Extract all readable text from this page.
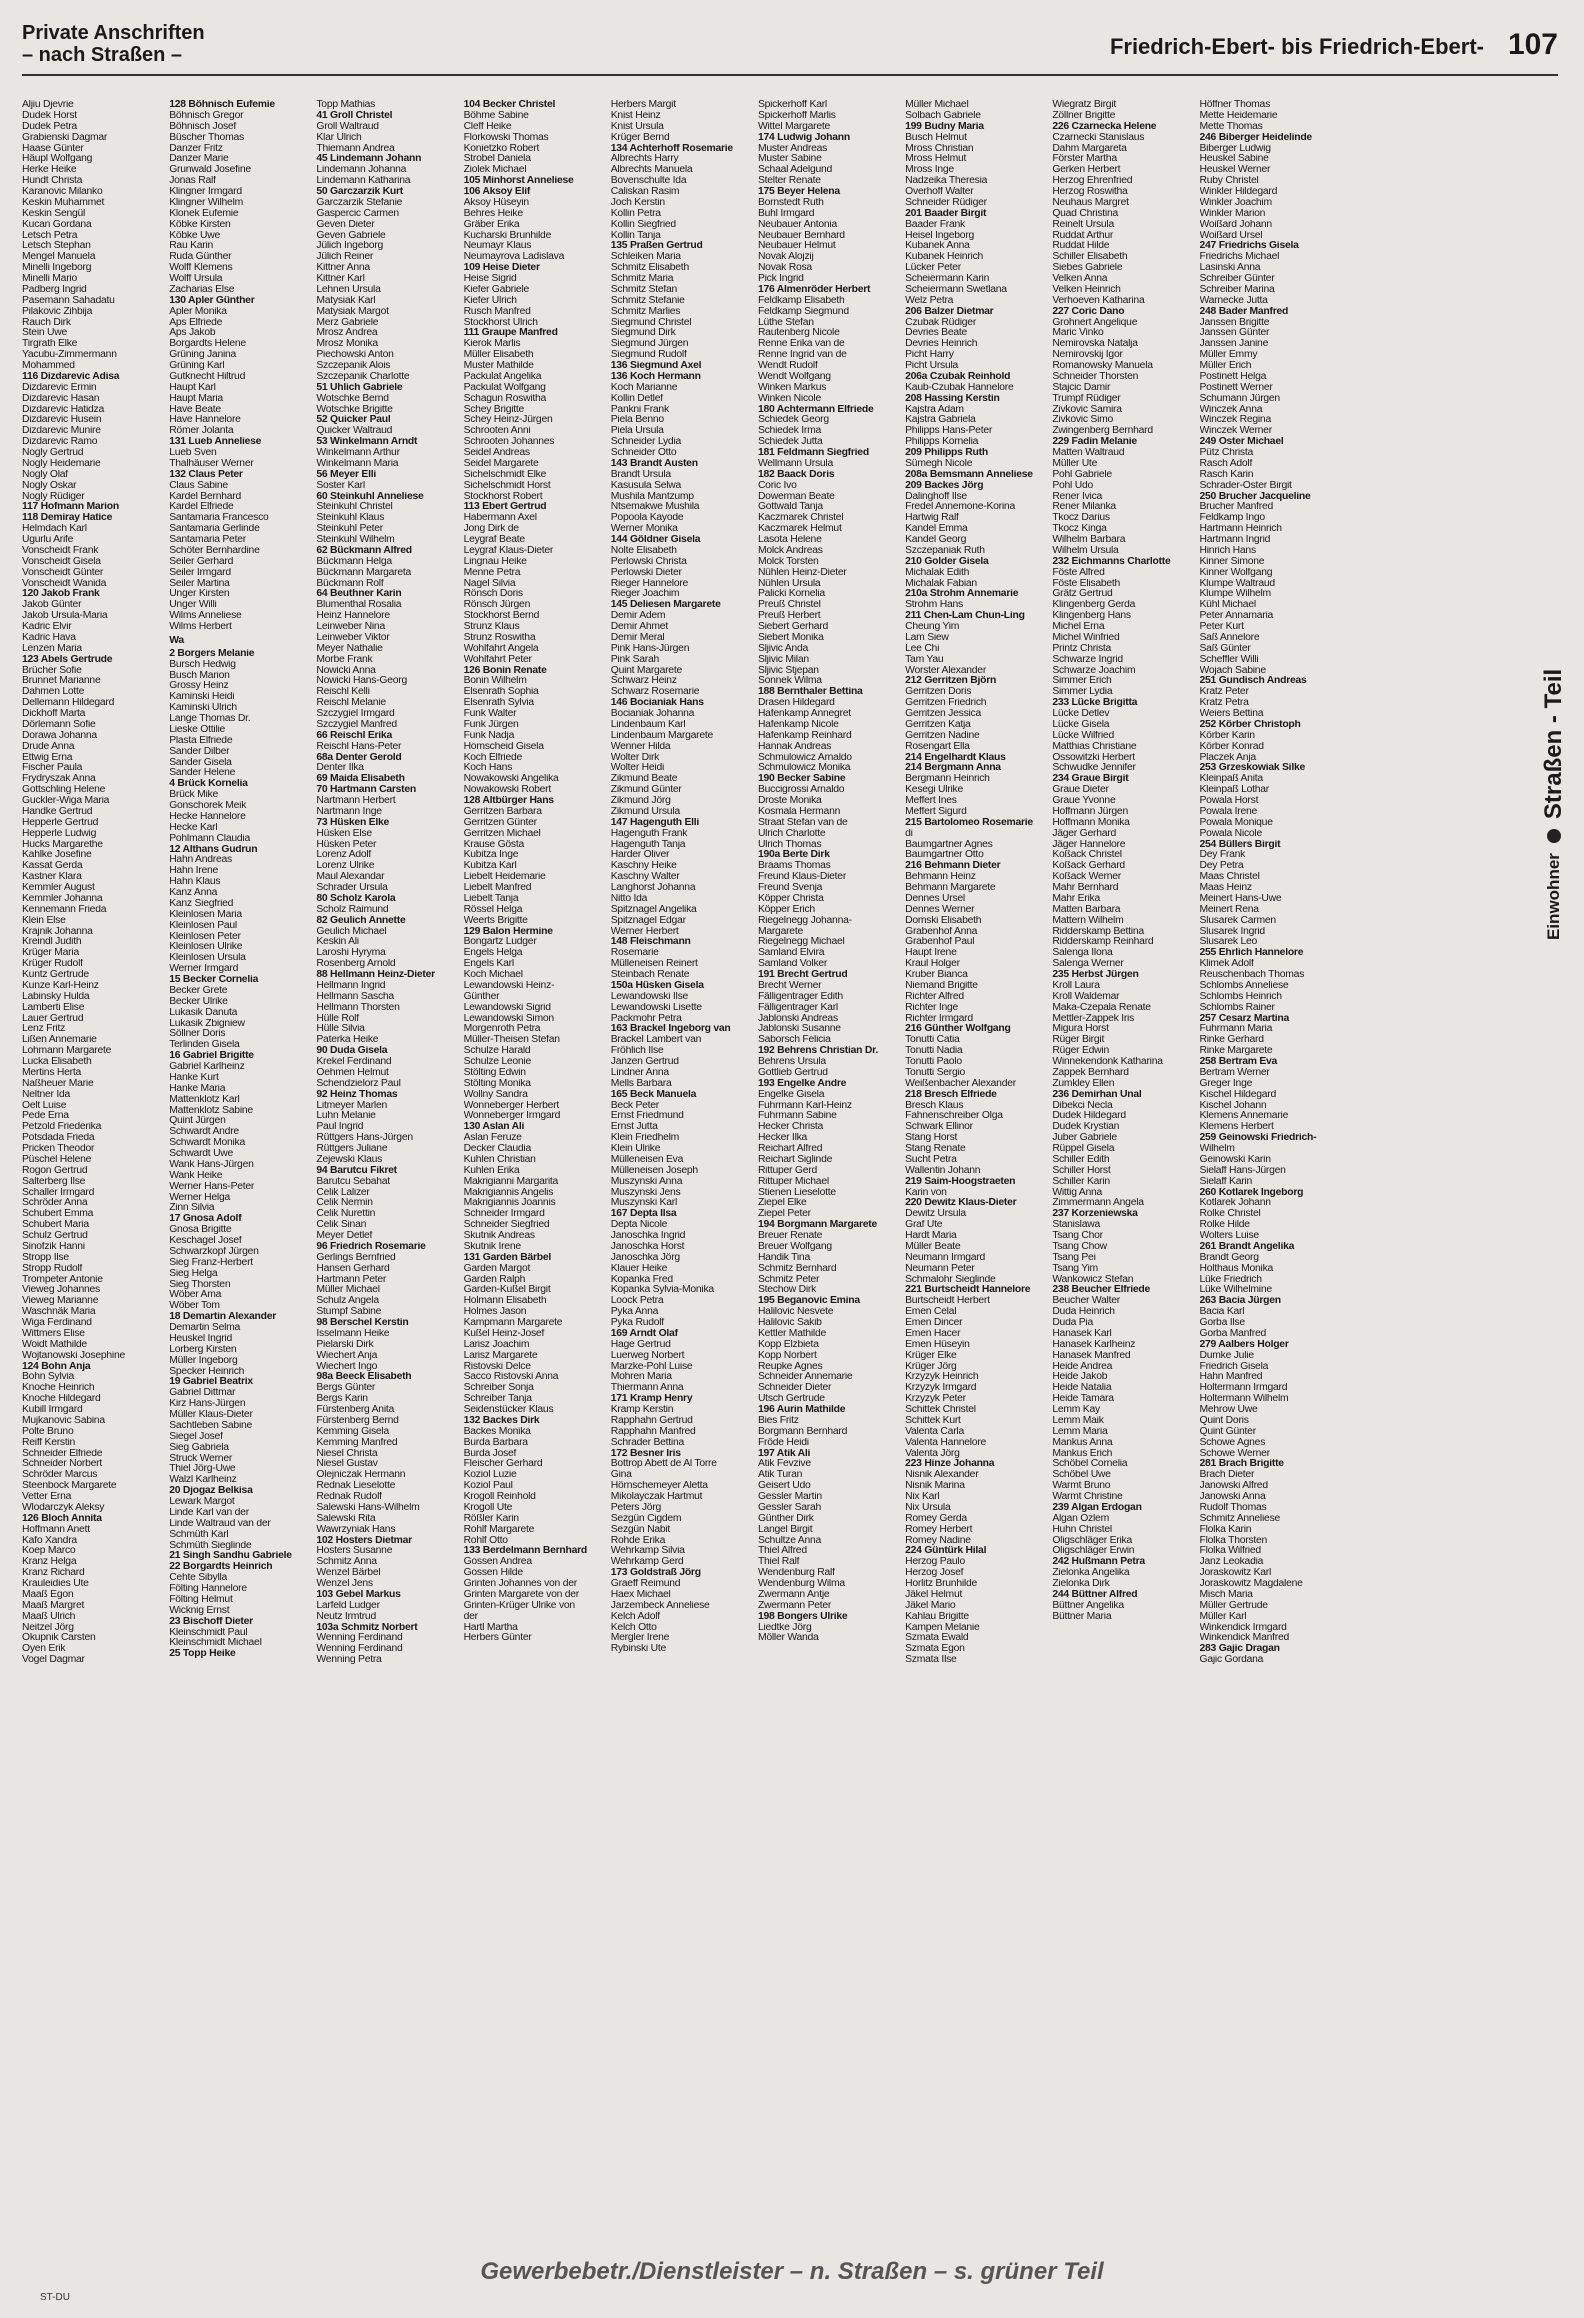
Private Anschriften
– nach Straßen –	Friedrich-Ebert- bis Friedrich-Ebert- 107
Aljiu Djevrie
Dudek Horst
Dudek Petra
Grabienski Dagmar
Haase Günter
Häupl Wolfgang
Herke Heike
Hundt Christa
Karanovic Milanko
Keskin Muhammet
Keskin Sengül
Kucan Gordana
Letsch Petra
Letsch Stephan
Mengel Manuela
Minelli Ingeborg
Minelli Mario
Padberg Ingrid
Pasemann Sahadatu
Pilakovic Zihbija
Rauch Dirk
Stein Uwe
Tirgrath Elke
Yacubu-Zimmermann
Mohammed
116 Dizdarevic Adisa
Dizdarevic Ermin
Dizdarevic Hasan
Dizdarevic Hatidza
Dizdarevic Husein
Dizdarevic Munire
Dizdarevic Ramo
Nogly Gertrud
Nogly Heidemarie
Nogly Olaf
Nogly Oskar
Nogly Rüdiger
117 Hofmann Marion
118 Demiray Hatice
Helmdach Karl
Ugurlu Arife
Vonscheidt Frank
Vonscheidt Gisela
Vonscheidt Günter
Vonscheidt Wanida
120 Jakob Frank
Jakob Günter
Jakob Ursula-Maria
Kadric Elvir
Kadric Hava
Lenzen Maria
123 Abels Gertrude
Brücher Sofie
Brunnet Marianne
Dahmen Lotte
Dellemann Hildegard
Dickhoff Marta
Dörlemann Sofie
Dorawa Johanna
Drude Anna
Ettwig Erna
Fischer Paula
Frydryszak Anna
Gottschling Helene
Guckler-Wiga Maria
Handke Gertrud
Hepperle Gertrud
Hepperle Ludwig
Hucks Margarethe
Kahlke Josefine
Kassat Gerda
Kastner Klara
Kemmler August
Kemmler Johanna
Kennemann Frieda
Klein Else
Krajnik Johanna
Kreindl Judith
Krüger Maria
Krüger Rudolf
Kuntz Gertrude
Kunze Karl-Heinz
Labinsky Hulda
Lamberti Elise
Lauer Gertrud
Lenz Fritz
Lißen Annemarie
Lohmann Margarete
Lucka Elisabeth
Mertins Herta
Naßheuer Marie
Neltner Ida
Oelt Luise
Pede Erna
Petzold Friederika
Potsdada Frieda
Pricken Theodor
Püschel Helene
Rogon Gertrud
Salterberg Ilse
Schaller Irmgard
Schröder Anna
Schubert Emma
Schubert Maria
Schulz Gertrud
Sinofzik Hanni
Stropp Ilse
Stropp Rudolf
Trompeter Antonie
Vieweg Johannes
Vieweg Marianne
Waschnäk Maria
Wiga Ferdinand
Wittmers Elise
Woidt Mathilde
Wojtanowski Josephine
124 Bohn Anja
Bohn Sylvia
Knoche Heinrich
Knoche Hildegard
Kubill Irmgard
Mujkanovic Sabina
Polte Bruno
Reiff Kerstin
Schneider Elfriede
Schneider Norbert
Schröder Marcus
Steenbock Margarete
Vetter Erna
Wlodarczyk Aleksy
126 Bloch Annita
Hoffmann Anett
Kafo Xandra
Koep Marco
Kranz Helga
Kranz Richard
Krauleidies Ute
Maaß Egon
Maaß Margret
Maaß Ulrich
Neitzel Jörg
Okupnik Carsten
Oyen Erik
Vogel Dagmar
128 Böhnisch Eufemie
Böhnisch Gregor
Böhnisch Josef
Büscher Thomas
Danzer Fritz
Danzer Marie
Grunwald Josefine
Jonas Ralf
Klingner Irmgard
Klingner Wilhelm
Klonek Eufemie
Köbke Kirsten
Köbke Uwe
Rau Karin
Ruda Günther
Wolff Klemens
Wolff Ursula
Zacharias Else
130 Apler Günther
Apler Monika
Aps Elfriede
Aps Jakob
Borgardts Helene
Grüning Janina
Grüning Karl
Gutknecht Hiltrud
Haupt Karl
Haupt Maria
Have Beate
Have Hannelore
Römer Jolanta
131 Lueb Anneliese
Lueb Sven
Thalhäuser Werner
132 Claus Peter
Claus Sabine
Kardel Bernhard
Kardel Elfriede
Santamaria Francesco
Santamaria Gerlinde
Santamaria Peter
Schöter Bernhardine
Seiler Gerhard
Seiler Irmgard
Seiler Martina
Unger Kirsten
Unger Willi
Wilms Anneliese
Wilms Herbert
Wa
2 Borgers Melanie
Bursch Hedwig
Busch Marion
Grossy Heinz
Kaminski Heidi
Kaminski Ulrich
Lange Thomas Dr.
Lieske Ottilie
Plasta Elfriede
Sander Dilber
Sander Gisela
Sander Helene
4 Brück Kornelia
Brück Mike
Gonschorek Meik
Hecke Hannelore
Hecke Karl
Pohlmann Claudia
12 Althans Gudrun
Hahn Andreas
Hahn Irene
Hahn Klaus
Kanz Anna
Kanz Siegfried
Kleinlosen Maria
Kleinlosen Paul
Kleinlosen Peter
Kleinlosen Ulrike
Kleinlosen Ursula
Werner Irmgard
15 Becker Cornelia
Becker Grete
Becker Ulrike
Lukasik Danuta
Lukasik Zbigniew
Söllner Doris
Terlinden Gisela
16 Gabriel Brigitte
Gabriel Karlheinz
Hanke Kurt
Hanke Maria
Mattenklotz Karl
Mattenklotz Sabine
Quint Jürgen
Schwardt Andre
Schwardt Monika
Schwardt Uwe
Wank Hans-Jürgen
Wank Heike
Werner Hans-Peter
Werner Helga
Zinn Silvia
17 Gnosa Adolf
Gnosa Brigitte
Keschagel Josef
Schwarzkopf Jürgen
Sieg Franz-Herbert
Sieg Helga
Sieg Thorsten
Wöber Ama
Wöber Tom
18 Demartin Alexander
Demartin Selma
Heuskel Ingrid
Lorberg Kirsten
Müller Ingeborg
Specker Heinrich
19 Gabriel Beatrix
Gabriel Dittmar
Kirz Hans-Jürgen
Müller Klaus-Dieter
Sachtleben Sabine
Siegel Josef
Sieg Gabriela
Struck Werner
Thiel Jörg-Uwe
Walzl Karlheinz
20 Djogaz Belkisa
Lewark Margot
Linde Karl van der
Linde Waltraud van der
Schmüth Karl
Schmüth Sieglinde
21 Singh Sandhu Gabriele
22 Borgardts Heinrich
Cehte Sibylla
Fölting Hannelore
Fölting Helmut
Wicknig Ernst
23 Bischoff Dieter
Kleinschmidt Paul
Kleinschmidt Michael
25 Topp Heike
Topp Mathias
41 Groll Christel
Groll Waltraud
Klar Ulrich
Thiemann Andrea
45 Lindemann Johann
Lindemann Johanna
Lindemann Katharina
50 Garczarzik Kurt
Garczarzik Stefanie
Gaspercic Carmen
Geven Dieter
Geven Gabriele
Jülich Ingeborg
Jülich Reiner
Kittner Anna
Kittner Karl
Lehnen Ursula
Matysiak Karl
Matysiak Margot
Merz Gabriele
Mrosz Andrea
Mrosz Monika
Piechowski Anton
Szczepanik Alois
Szczepanik Charlotte
51 Uhlich Gabriele
Wotschke Bernd
Wotschke Brigitte
52 Quicker Paul
Quicker Waltraud
53 Winkelmann Arndt
Winkelmann Arthur
Winkelmann Maria
56 Meyer Elli
Soster Karl
60 Steinkuhl Anneliese
Steinkuhl Christel
Steinkuhl Klaus
Steinkuhl Peter
Steinkuhl Wilhelm
62 Bückmann Alfred
Bückmann Helga
Bückmann Margareta
Bückmann Rolf
64 Beuthner Karin
Blumenthal Rosalia
Heinz Hannelore
Leinweber Nina
Leinweber Viktor
Meyer Nathalie
Morbe Frank
Nowicki Anna
Nowicki Hans-Georg
Reischl Kelli
Reischl Melanie
Szczygiel Irmgard
Szczygiel Manfred
66 Reischl Erika
Reischl Hans-Peter
68a Denter Gerold
Denter Ilka
69 Maida Elisabeth
70 Hartmann Carsten
Nartmann Herbert
Nartmann Inge
73 Hüsken Elke
Hüsken Else
Hüsken Peter
Lorenz Adolf
Lorenz Ulrike
Maul Alexandar
Schrader Ursula
80 Scholz Karola
Scholz Raimund
82 Geulich Annette
Geulich Michael
Keskin Ali
Laroshi Hyryma
Rosenberg Arnold
88 Hellmann Heinz-Dieter
Hellmann Ingrid
Hellmann Sascha
Hellmann Thorsten
Hülle Rolf
Hülle Silvia
Paterka Heike
90 Duda Gisela
Krekel Ferdinand
Oehmen Helmut
Schendzielorz Paul
92 Heinz Thomas
Litmeyer Marlen
Luhn Melanie
Paul Ingrid
Rüttgers Hans-Jürgen
Rüttgers Juliane
Zejewski Klaus
94 Barutcu Fikret
Barutcu Sebahat
Celik Lalizer
Celik Nermin
Celik Nurettin
Celik Sinan
Meyer Detlef
96 Friedrich Rosemarie
Gerlings Bernfried
Hansen Gerhard
Hartmann Peter
Müller Michael
Schulz Angela
Stumpf Sabine
98 Berschel Kerstin
Isselmann Heike
Pielarski Dirk
Wiechert Anja
Wiechert Ingo
98a Beeck Elisabeth
Bergs Günter
Bergs Karin
Fürstenberg Anita
Fürstenberg Bernd
Kemming Gisela
Kemming Manfred
Niesel Christa
Niesel Gustav
Olejniczak Hermann
Rednak Lieselotte
Rednak Rudolf
Salewski Hans-Wilhelm
Salewski Rita
Wawrzyniak Hans
102 Hosters Dietmar
Hosters Susanne
Schmitz Anna
Wenzel Bärbel
Wenzel Jens
103 Gebel Markus
Larfeld Ludger
Neutz Irmtrud
103a Schmitz Norbert
Wenning Ferdinand
Wenning Ferdinand
Wenning Petra
104 Becker Christel
Böhme Sabine
Cleff Heike
Florkowski Thomas
Konietzko Robert
Strobel Daniela
Ziolek Michael
105 Minhorst Anneliese
106 Aksoy Elif
Aksoy Hüseyin
Behres Heike
Gräber Erika
Kucharski Brunhilde
Neumayr Klaus
Neumayrova Ladislava
109 Heise Dieter
Heise Sigrid
Kiefer Gabriele
Kiefer Ulrich
Rusch Manfred
Stockhorst Ulrich
111 Graupe Manfred
Kierok Marlis
Müller Elisabeth
Muster Mathilde
Packulat Angelika
Packulat Wolfgang
Schagun Roswitha
Schey Brigitte
Schey Heinz-Jürgen
Schrooten Anni
Schrooten Johannes
Seidel Andreas
Seidel Margarete
Sichelschmidt Elke
Sichelschmidt Horst
Stockhorst Robert
113 Ebert Gertrud
Habermann Axel
Jong Dirk de
Leygraf Beate
Leygraf Klaus-Dieter
Lingnau Heike
Menne Petra
Nagel Silvia
Rönsch Doris
Rönsch Jürgen
Stockhorst Bernd
Strunz Klaus
Strunz Roswitha
Wohlfahrt Angela
Wohlfahrt Peter
126 Bonin Renate
Bonin Wilhelm
Elsenrath Sophia
Elsenrath Sylvia
Funk Walter
Funk Jürgen
Funk Nadja
Homscheid Gisela
Koch Elfriede
Koch Hans
Nowakowski Angelika
Nowakowski Robert
128 Altbürger Hans
Gerritzen Barbara
Gerritzen Günter
Gerritzen Michael
Krause Gösta
Kubitza Inge
Kubitza Karl
Liebelt Heidemarie
Liebelt Manfred
Liebelt Tanja
Rössel Helga
Weerts Brigitte
129 Balon Hermine
Bongartz Ludger
Engels Helga
Engels Karl
Koch Michael
Lewandowski Heinz-
Günther
Lewandowski Sigrid
Lewandowski Simon
Morgenroth Petra
Müller-Theisen Stefan
Schulze Harald
Schulze Leonie
Stölting Edwin
Stölting Monika
Wollny Sandra
Wonneberger Herbert
Wonneberger Irmgard
130 Aslan Ali
Aslan Feruze
Decker Claudia
Kuhlen Christian
Kuhlen Erika
Makrigianni Margarita
Makrigiannis Angelis
Makrigiannis Joannis
Schneider Irmgard
Schneider Siegfried
Skutnik Andreas
Skutnik Irene
131 Garden Bärbel
Garden Margot
Garden Ralph
Garden-Kußel Birgit
Holmann Elisabeth
Holmes Jason
Kampmann Margarete
Kußel Heinz-Josef
Larisz Joachim
Larisz Margarete
Ristovski Delce
Sacco Ristovski Anna
Schreiber Sonja
Schreiber Tanja
Seidenstücker Klaus
132 Backes Dirk
Backes Monika
Burda Barbara
Burda Josef
Fleischer Gerhard
Koziol Luzie
Koziol Paul
Krogoll Reinhold
Krogoll Ute
Rößler Karin
Rohlf Margarete
Rohlf Otto
133 Berdelmann Bernhard
Gossen Andrea
Gossen Hilde
Grinten Johannes von der
Grinten Margarete von der
Grinten-Krüger Ulrike von
der
Hartl Martha
Herbers Günter
Herbers Margit
Knist Heinz
Knist Ursula
Krüger Bernd
134 Achterhoff Rosemarie
Albrechts Harry
Albrechts Manuela
Bovenschulte Ida
Caliskan Rasim
Joch Kerstin
Kollin Petra
Kollin Siegfried
Kollin Tanja
135 Praßen Gertrud
Schleiken Maria
Schmitz Elisabeth
Schmitz Maria
Schmitz Stefan
Schmitz Stefanie
Schmitz Marlies
Siegmund Christel
Siegmund Dirk
Siegmund Jürgen
Siegmund Rudolf
136 Siegmund Axel
136 Koch Hermann
Koch Marianne
Kollin Detlef
Pankni Frank
Piela Benno
Piela Ursula
Schneider Lydia
Schneider Otto
143 Brandt Austen
Brandt Ursula
Kasusula Selwa
Mushila Mantzump
Ntsemakwe Mushila
Popoola Kayode
Werner Monika
144 Göldner Gisela
Nolte Elisabeth
Perlowski Christa
Perlowski Dieter
Rieger Hannelore
Rieger Joachim
145 Deliesen Margarete
Demir Adem
Demir Ahmet
Demir Meral
Pink Hans-Jürgen
Pink Sarah
Quint Margarete
Schwarz Heinz
Schwarz Rosemarie
146 Bocianiak Hans
Bocianiak Johanna
Lindenbaum Karl
Lindenbaum Margarete
Wenner Hilda
Wolter Dirk
Wolter Heidi
Zikmund Beate
Zikmund Günter
Zikmund Jörg
Zikmund Ursula
147 Hagenguth Elli
Hagenguth Frank
Hagenguth Tanja
Harder Oliver
Kaschny Heike
Kaschny Walter
Langhorst Johanna
Nitto Ida
Spitznagel Angelika
Spitznagel Edgar
Werner Herbert
148 Fleischmann
Rosemarie
Mülleneisen Reinert
Steinbach Renate
150a Hüsken Gisela
Lewandowski Ilse
Lewandowski Lisette
Packmohr Petra
163 Brackel Ingeborg van
Brackel Lambert van
Fröhlich Ilse
Janzen Gertrud
Lindner Anna
Mells Barbara
165 Beck Manuela
Beck Peter
Ernst Friedmund
Ernst Jutta
Klein Friedhelm
Klein Ulrike
Mülleneisen Eva
Mülleneisen Joseph
Muszynski Anna
Muszynski Jens
Muszynski Karl
167 Depta Ilsa
Depta Nicole
Janoschka Ingrid
Janoschka Horst
Janoschka Jörg
Klauer Heike
Kopanka Fred
Kopanka Sylvia-Monika
Loock Petra
Pyka Anna
Pyka Rudolf
169 Arndt Olaf
Hage Gertrud
Luerweg Norbert
Marzke-Pohl Luise
Mohren Maria
Thiermann Anna
171 Kramp Henry
Kramp Kerstin
Rapphahn Gertrud
Rapphahn Manfred
Schrader Bettina
172 Besner Iris
Bottrop Abett de Al Torre
Gina
Hörnschemeyer Aletta
Mikolayczak Hartmut
Peters Jörg
Sezgün Cigdem
Sezgün Nabit
Rohde Erika
Wehrkamp Silvia
Wehrkamp Gerd
173 Goldstraß Jörg
Graeff Reimund
Haex Michael
Jarzembeck Anneliese
Kelch Adolf
Kelch Otto
Mergler Irene
Rybinski Ute
Spickerhoff Karl
Spickerhoff Marlis
Wittel Margarete
174 Ludwig Johann
Muster Andreas
Muster Sabine
Schaal Adelgund
Stelter Renate
175 Beyer Helena
Bornstedt Ruth
Buhl Irmgard
Neubauer Antonia
Neubauer Bernhard
Neubauer Helmut
Novak Alojzij
Novak Rosa
Pick Ingrid
176 Almenröder Herbert
Feldkamp Elisabeth
Feldkamp Siegmund
Lüthe Stefan
Rautenberg Nicole
Renne Erika van de
Renne Ingrid van de
Wendt Rudolf
Wendt Wolfgang
Winken Markus
Winken Nicole
180 Achtermann Elfriede
Schiedek Georg
Schiedek Irma
Schiedek Jutta
181 Feldmann Siegfried
Wellmann Ursula
182 Baack Doris
Coric Ivo
Dowerman Beate
Gottwald Tanja
Kaczmarek Christel
Kaczmarek Helmut
Lasota Helene
Molck Andreas
Molck Torsten
Nühlen Heinz-Dieter
Nühlen Ursula
Palicki Kornelia
Preuß Christel
Preuß Herbert
Siebert Gerhard
Siebert Monika
Sljivic Anda
Sljivic Milan
Sljivic Stjepan
Sonnek Wilma
188 Bernthaler Bettina
Drasen Hildegard
Hafenkamp Annegret
Hafenkamp Nicole
Hafenkamp Reinhard
Hannak Andreas
Schmulowicz Arnaldo
Schmulowicz Monika
190 Becker Sabine
Buccigrossi Arnaldo
Droste Monika
Kosmala Hermann
Straat Stefan van de
Ulrich Charlotte
Ulrich Thomas
190a Berte Dirk
Braams Thomas
Freund Klaus-Dieter
Freund Svenja
Köpper Christa
Köpper Erich
Riegelnegg Johanna-
Margarete
Riegelnegg Michael
Samland Elvira
Samland Volker
191 Brecht Gertrud
Brecht Werner
Fälligentrager Edith
Fälligentrager Karl
Jablonski Andreas
Jablonski Susanne
Saborsch Felicia
192 Behrens Christian Dr.
Behrens Ursula
Gottlieb Gertrud
193 Engelke Andre
Engelke Gisela
Fuhrmann Karl-Heinz
Fuhrmann Sabine
Hecker Christa
Hecker Ilka
Reichart Alfred
Reichart Siglinde
Rittuper Gerd
Rittuper Michael
Stienen Lieselotte
Ziepel Elke
Ziepel Peter
194 Borgmann Margarete
Breuer Renate
Breuer Wolfgang
Handik Tina
Schmitz Bernhard
Schmitz Peter
Stechow Dirk
195 Beganovic Emina
Halilovic Nesvete
Halilovic Sakib
Kettler Mathilde
Kopp Elzbieta
Kopp Norbert
Reupke Agnes
Schneider Annemarie
Schneider Dieter
Utsch Gertrude
196 Aurin Mathilde
Bies Fritz
Borgmann Bernhard
Fröde Heidi
197 Atik Ali
Atik Fevzive
Atik Turan
Geisert Udo
Gessler Martin
Gessler Sarah
Günther Dirk
Langel Birgit
Schultze Anna
Thiel Alfred
Thiel Ralf
Wendenburg Ralf
Wendenburg Wilma
Zwermann Antje
Zwermann Peter
198 Bongers Ulrike
Liedtke Jörg
Möller Wanda
Müller Michael
Solbach Gabriele
199 Budny Maria
Busch Helmut
Mross Christian
Mross Helmut
Mross Inge
Nadzeika Theresia
Overhoff Walter
Schneider Rüdiger
201 Baader Birgit
Baader Frank
Heisel Ingeborg
Kubanek Anna
Kubanek Heinrich
Lücker Peter
Scheiermann Karin
Scheiermann Swetlana
Welz Petra
206 Balzer Dietmar
Czubak Rüdiger
Devries Beate
Devries Heinrich
Picht Harry
Picht Ursula
206a Czubak Reinhold
Kaub-Czubak Hannelore
208 Hassing Kerstin
Kajstra Adam
Kajstra Gabriela
Philipps Hans-Peter
Philipps Kornelia
209 Philipps Ruth
Sümegh Nicole
208a Bemsmann Anneliese
209 Backes Jörg
Dalinghoff Ilse
Fredel Annemone-Korina
Hartwig Ralf
Kandel Emma
Kandel Georg
Szczepaniak Ruth
210 Golder Gisela
Michalak Edith
Michalak Fabian
210a Strohm Annemarie
Strohm Hans
211 Chen-Lam Chun-Ling
Cheung Yim
Lam Siew
Lee Chi
Tam Yau
Worster Alexander
212 Gerritzen Björn
Gerritzen Doris
Gerritzen Friedrich
Gerritzen Jessica
Gerritzen Katja
Gerritzen Nadine
Rosengart Ella
214 Engelhardt Klaus
214 Bergmann Anna
Bergmann Heinrich
Kesegi Ulrike
Meffert Ines
Meffert Sigurd
215 Bartolomeo Rosemarie
di
Baumgartner Agnes
Baumgartner Otto
216 Behmann Dieter
Behmann Heinz
Behmann Margarete
Dennes Ursel
Dennes Werner
Domski Elisabeth
Grabenhof Anna
Grabenhof Paul
Haupt Irene
Kraul Holger
Kruber Bianca
Niemand Brigitte
Richter Alfred
Richter Inge
Richter Irmgard
216 Günther Wolfgang
Tonutti Catia
Tonutti Nadia
Tonutti Paolo
Tonutti Sergio
Weißenbacher Alexander
218 Bresch Elfriede
Bresch Klaus
Fahnenschreiber Olga
Schwark Ellinor
Stang Horst
Stang Renate
Sucht Petra
Wallentin Johann
219 Saim-Hoogstraeten
Karin von
220 Dewitz Klaus-Dieter
Dewitz Ursula
Graf Ute
Hardt Maria
Müller Beate
Neumann Irmgard
Neumann Peter
Schmalohr Sieglinde
221 Burtscheidt Hannelore
Burtscheidt Herbert
Emen Celal
Emen Dincer
Emen Hacer
Emen Hüseyin
Krüger Elke
Krüger Jörg
Krzyzyk Heinrich
Krzyzyk Irmgard
Krzyzyk Peter
Schittek Christel
Schittek Kurt
Valenta Carla
Valenta Hannelore
Valenta Jörg
223 Hinze Johanna
Nisnik Alexander
Nisnik Marina
Nix Karl
Nix Ursula
Romey Gerda
Romey Herbert
Romey Nadine
224 Güntürk Hilal
Herzog Paulo
Herzog Josef
Horlitz Brunhilde
Jäkel Helmut
Jäkel Mario
Kahlau Brigitte
Kampen Melanie
Szmata Ewald
Szmata Egon
Szmata Ilse
Wiegratz Birgit
Zöllner Brigitte
226 Czarnecka Helene
Czarnecki Stanislaus
Dahm Margareta
Förster Martha
Gerken Herbert
Herzog Ehrenfried
Herzog Roswitha
Neuhaus Margret
Quad Christina
Reinelt Ursula
Ruddat Arthur
Ruddat Hilde
Schiller Elisabeth
Siebes Gabriele
Velken Anna
Velken Heinrich
Verhoeven Katharina
227 Coric Dano
Grohnert Angelique
Maric Vinko
Nemirovska Natalja
Nemirovskij Igor
Romanowsky Manuela
Schneider Thorsten
Stajcic Damir
Trumpf Rüdiger
Zivkovic Samira
Zivkovic Simo
Zwingenberg Bernhard
229 Fadin Melanie
Matten Waltraud
Müller Ute
Pohl Gabriele
Pohl Udo
Rener Ivica
Rener Milanka
Tkocz Darius
Tkocz Kinga
Wilhelm Barbara
Wilhelm Ursula
232 Eichmanns Charlotte
Föste Alfred
Föste Elisabeth
Grätz Gertrud
Klingenberg Gerda
Klingenberg Hans
Michel Erna
Michel Winfried
Printz Christa
Schwarze Ingrid
Schwarze Joachim
Simmer Erich
Simmer Lydia
233 Lücke Brigitta
Lücke Detlev
Lücke Gisela
Lücke Wilfried
Matthias Christiane
Ossowitzki Herbert
Schwudke Jennifer
234 Graue Birgit
Graue Dieter
Graue Yvonne
Hoffmann Jürgen
Hoffmann Monika
Jäger Gerhard
Jäger Hannelore
Koßack Christel
Koßack Gerhard
Koßack Werner
Mahr Bernhard
Mahr Erika
Matten Barbara
Mattern Wilhelm
Ridderskamp Bettina
Ridderskamp Reinhard
Salenga Ilona
Salenga Werner
235 Herbst Jürgen
Kroll Laura
Kroll Waldemar
Maka-Czepala Renate
Mettler-Zappek Iris
Migura Horst
Rüger Birgit
Rüger Edwin
Winnekendonk Katharina
Zappek Bernhard
Zumkley Ellen
236 Demirhan Ünal
Dibekci Necla
Dudek Hildegard
Dudek Krystian
Juber Gabriele
Rüppel Gisela
Schiller Edith
Schiller Horst
Schiller Karin
Wittig Anna
Zimmermann Angela
237 Korzeniewska
Stanislawa
Tsang Chor
Tsang Chow
Tsang Pei
Tsang Yim
Wankowicz Stefan
238 Beucher Elfriede
Beucher Walter
Duda Heinrich
Duda Pia
Hanasek Karl
Hanasek Karlheinz
Hanasek Manfred
Heide Andrea
Heide Jakob
Heide Natalia
Heide Tamara
Lemm Kay
Lemm Maik
Lemm Maria
Mankus Anna
Mankus Erich
Schöbel Cornelia
Schöbel Uwe
Warmt Bruno
Warmt Christine
239 Algan Erdogan
Algan Özlem
Huhn Christel
Oligschläger Erika
Oligschläger Erwin
242 Hußmann Petra
Zielonka Angelika
Zielonka Dirk
244 Büttner Alfred
Büttner Angelika
Büttner Maria
Höffner Thomas
Mette Heidemarie
Mette Thomas
246 Biberger Heidelinde
Biberger Ludwig
Heuskel Sabine
Heuskel Werner
Ruby Christel
Winkler Hildegard
Winkler Joachim
Winkler Marion
Woißard Johann
Woißard Ursel
247 Friedrichs Gisela
Friedrichs Michael
Lasinski Anna
Schreiber Günter
Schreiber Marina
Warnecke Jutta
248 Bader Manfred
Janssen Brigitte
Janssen Günter
Janssen Janine
Müller Emmy
Müller Erich
Postinett Helga
Postinett Werner
Schumann Jürgen
Winczek Anna
Winczek Regina
Winczek Werner
249 Oster Michael
Pütz Christa
Rasch Adolf
Rasch Karin
Schrader-Oster Birgit
250 Brucher Jacqueline
Brucher Manfred
Feldkamp Ingo
Hartmann Heinrich
Hartmann Ingrid
Hinrich Hans
Kinner Simone
Kinner Wolfgang
Klumpe Waltraud
Klumpe Wilhelm
Kühl Michael
Peter Annamaria
Peter Kurt
Saß Annelore
Saß Günter
Scheffler Willi
Wojach Sabine
251 Gundisch Andreas
Kratz Peter
Kratz Petra
Weiers Bettina
252 Körber Christoph
Körber Karin
Körber Konrad
Placzek Anja
253 Grzeskowiak Silke
Kleinpaß Anita
Kleinpaß Lothar
Powala Horst
Powala Irene
Powala Monique
Powala Nicole
254 Büllers Birgit
Dey Frank
Dey Petra
Maas Christel
Maas Heinz
Meinert Hans-Uwe
Meinert Rena
Slusarek Carmen
Slusarek Ingrid
Slusarek Leo
255 Ehrlich Hannelore
Klimek Adolf
Reuschenbach Thomas
Schlombs Anneliese
Schlombs Heinrich
Schlombs Rainer
257 Cesarz Martina
Fuhrmann Maria
Rinke Gerhard
Rinke Margarete
258 Bertram Eva
Bertram Werner
Greger Inge
Kischel Hildegard
Kischel Johann
Klemens Annemarie
Klemens Herbert
259 Geinowski Friedrich-
Wilhelm
Geinowski Karin
Sielaff Hans-Jürgen
Sielaff Karin
260 Kotlarek Ingeborg
Kotlarek Johann
Rolke Christel
Rolke Hilde
Wolters Luise
261 Brandt Angelika
Brandt Georg
Holthaus Monika
Lüke Friedrich
Lüke Wilhelmine
263 Bacia Jürgen
Bacia Karl
Gorba Ilse
Gorba Manfred
279 Aalbers Holger
Dumke Julie
Friedrich Gisela
Hahn Manfred
Holtermann Irmgard
Holtermann Wilhelm
Mehrow Uwe
Quint Doris
Quint Günter
Schowe Agnes
Schowe Werner
281 Brach Brigitte
Brach Dieter
Janowski Alfred
Janowski Anna
Rudolf Thomas
Schmitz Anneliese
Flolka Karin
Flolka Thorsten
Flolka Wilfried
Janz Leokadia
Joraskowitz Karl
Joraskowitz Magdalene
Misch Maria
Müller Gertrude
Müller Karl
Winkendick Irmgard
Winkendick Manfred
283 Gajic Dragan
Gajic Gordana
Einwohner
Straßen - Teil
Gewerbebetr./Dienstleister – n. Straßen – s. grüner Teil
ST-DU
